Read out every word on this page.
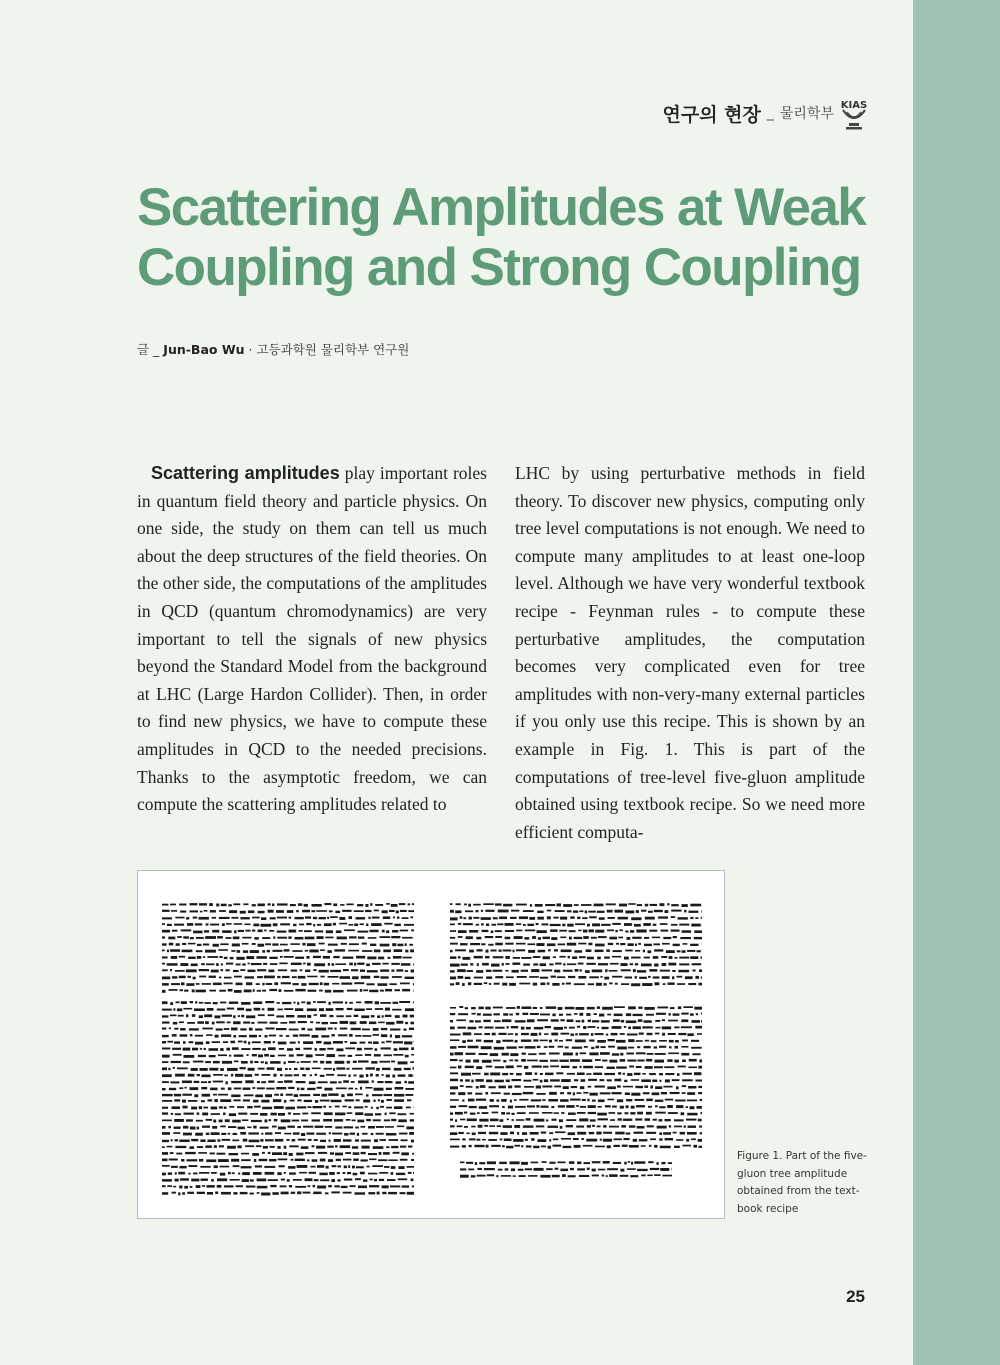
연구의 현장 _ 물리학부
KIAS
Scattering Amplitudes at Weak
Coupling and Strong Coupling
글 _ Jun-Bao Wu · 고등과학원 물리학부 연구원

Scattering amplitudes play important roles in quantum field theory and particle physics. On one side, the study on them can tell us much about the deep structures of the field theories. On the other side, the computations of the amplitudes in QCD (quantum chromodynamics) are very important to tell the signals of new physics beyond the Standard Model from the background at LHC (Large Hardon Collider). Then, in order to find new physics, we have to compute these amplitudes in QCD to the needed precisions. Thanks to the asymptotic freedom, we can compute the scattering amplitudes related to

LHC by using perturbative methods in field theory. To discover new physics, computing only tree level computations is not enough. We need to compute many amplitudes to at least one-loop level. Although we have very wonderful textbook recipe - Feynman rules - to compute these perturbative amplitudes, the computation becomes very complicated even for tree amplitudes with non-very-many external particles if you only use this recipe. This is shown by an example in Fig. 1. This is part of the computations of tree-level five-gluon amplitude obtained using textbook recipe. So we need more efficient computa-

Figure 1. Part of the five-gluon tree amplitude obtained from the text-book recipe

25
